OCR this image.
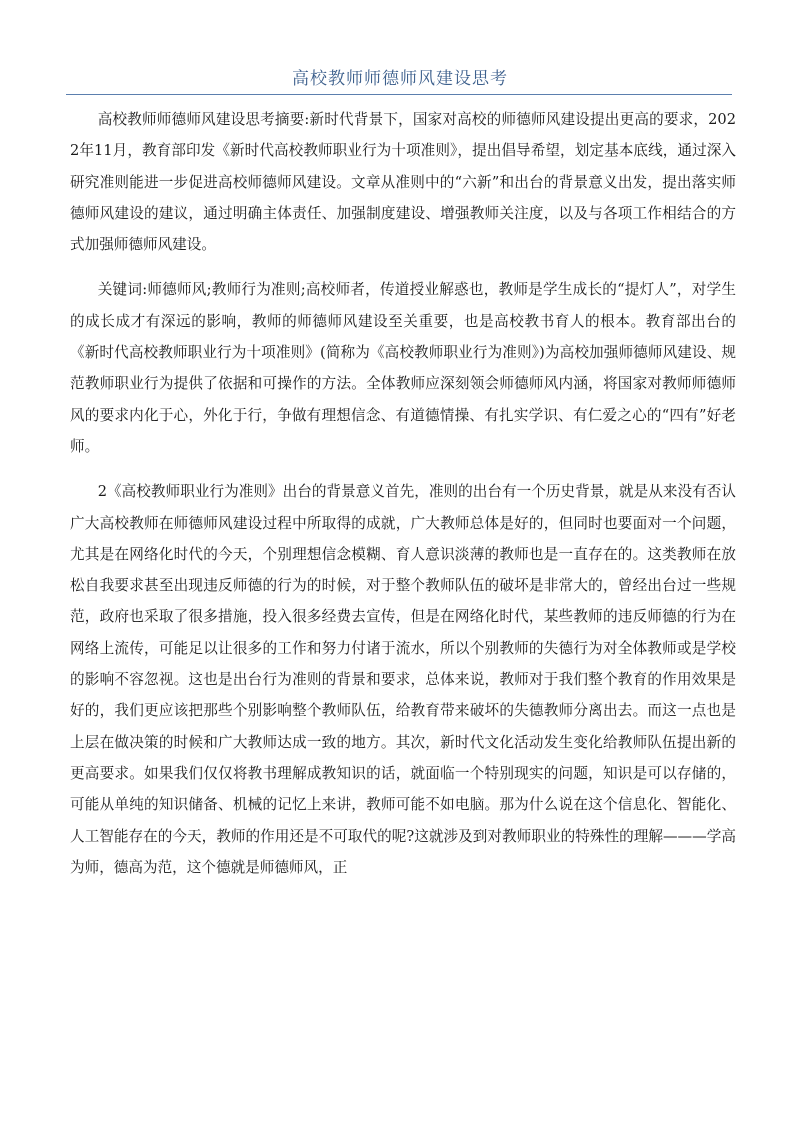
高校教师师德师风建设思考

高校教师师德师风建设思考摘要:新时代背景下，国家对高校的师德师风建设提出更高的要求，2022年11月，教育部印发《新时代高校教师职业行为十项准则》，提出倡导希望，划定基本底线，通过深入研究准则能进一步促进高校师德师风建设。文章从准则中的“六新”和出台的背景意义出发，提出落实师德师风建设的建议，通过明确主体责任、加强制度建设、增强教师关注度，以及与各项工作相结合的方式加强师德师风建设。

关键词:师德师风;教师行为准则;高校师者，传道授业解惑也，教师是学生成长的“提灯人”，对学生的成长成才有深远的影响，教师的师德师风建设至关重要，也是高校教书育人的根本。教育部出台的《新时代高校教师职业行为十项准则》(简称为《高校教师职业行为准则》)为高校加强师德师风建设、规范教师职业行为提供了依据和可操作的方法。全体教师应深刻领会师德师风内涵，将国家对教师师德师风的要求内化于心，外化于行，争做有理想信念、有道德情操、有扎实学识、有仁爱之心的“四有”好老师。

2《高校教师职业行为准则》出台的背景意义首先，准则的出台有一个历史背景，就是从来没有否认广大高校教师在师德师风建设过程中所取得的成就，广大教师总体是好的，但同时也要面对一个问题，尤其是在网络化时代的今天，个别理想信念模糊、育人意识淡薄的教师也是一直存在的。这类教师在放松自我要求甚至出现违反师德的行为的时候，对于整个教师队伍的破坏是非常大的，曾经出台过一些规范，政府也采取了很多措施，投入很多经费去宣传，但是在网络化时代，某些教师的违反师德的行为在网络上流传，可能足以让很多的工作和努力付诸于流水，所以个别教师的失德行为对全体教师或是学校的影响不容忽视。这也是出台行为准则的背景和要求，总体来说，教师对于我们整个教育的作用效果是好的，我们更应该把那些个别影响整个教师队伍，给教育带来破坏的失德教师分离出去。而这一点也是上层在做决策的时候和广大教师达成一致的地方。其次，新时代文化活动发生变化给教师队伍提出新的更高要求。如果我们仅仅将教书理解成教知识的话，就面临一个特别现实的问题，知识是可以存储的，可能从单纯的知识储备、机械的记忆上来讲，教师可能不如电脑。那为什么说在这个信息化、智能化、人工智能存在的今天，教师的作用还是不可取代的呢?这就涉及到对教师职业的特殊性的理解———学高为师，德高为范，这个德就是师德师风，正
